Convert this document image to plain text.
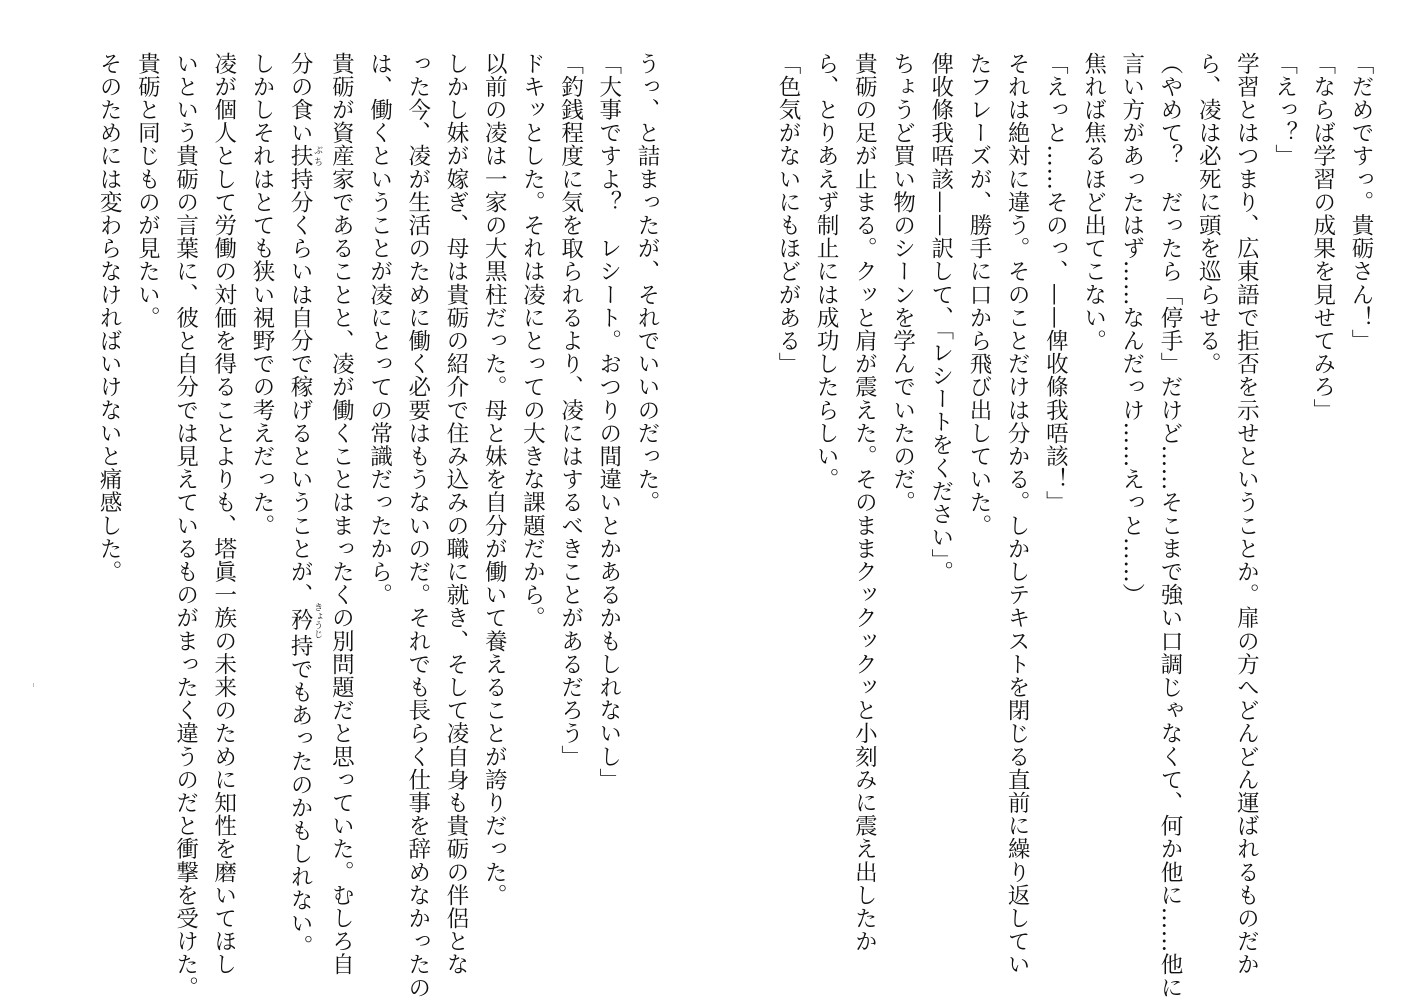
「だめですっ。貴砺さん！」
「ならば学習の成果を見せてみろ」
「えっ？」
学習とはつまり、広東語で拒否を示せということか。扉の方へどんどん運ばれるものだか
ら、凌は必死に頭を巡らせる。
（やめて？　だったら「停手」だけど……そこまで強い口調じゃなくて、何か他に……他に
言い方があったはず……なんだっけ……えっと……）
焦れば焦るほど出てこない。
「えっと……そのっ、——俾收條我唔該！」
それは絶対に違う。そのことだけは分かる。しかしテキストを閉じる直前に繰り返してい
たフレーズが、勝手に口から飛び出していた。
俾收條我唔該——訳して、「レシートをください」。
ちょうど買い物のシーンを学んでいたのだ。
貴砺の足が止まる。クッと肩が震えた。そのままクックックッと小刻みに震え出したか
ら、とりあえず制止には成功したらしい。
「色気がないにもほどがある」
うっ、と詰まったが、それでいいのだった。
「大事ですよ？　レシート。おつりの間違いとかあるかもしれないし」
「釣銭程度に気を取られるより、凌にはするべきことがあるだろう」
ドキッとした。それは凌にとっての大きな課題だから。
以前の凌は一家の大黒柱だった。母と妹を自分が働いて養えることが誇りだった。
しかし妹が嫁ぎ、母は貴砺の紹介で住み込みの職に就き、そして凌自身も貴砺の伴侶とな
った今、凌が生活のために働く必要はもうないのだ。それでも長らく仕事を辞めなかったの
は、働くということが凌にとっての常識だったから。
貴砺が資産家であることと、凌が働くことはまったくの別問題だと思っていた。むしろ自
分の食い扶 ぶち持分くらいは自分で稼げるということが、矜 きょうじ持でもあったのかもしれない。
しかしそれはとても狭い視野での考えだった。
凌が個人として労働の対価を得ることよりも、塔眞一族の未来のために知性を磨いてほし
いという貴砺の言葉に、彼と自分では見えているものがまったく違うのだと衝撃を受けた。
貴砺と同じものが見たい。
そのためには変わらなければいけないと痛感した。
